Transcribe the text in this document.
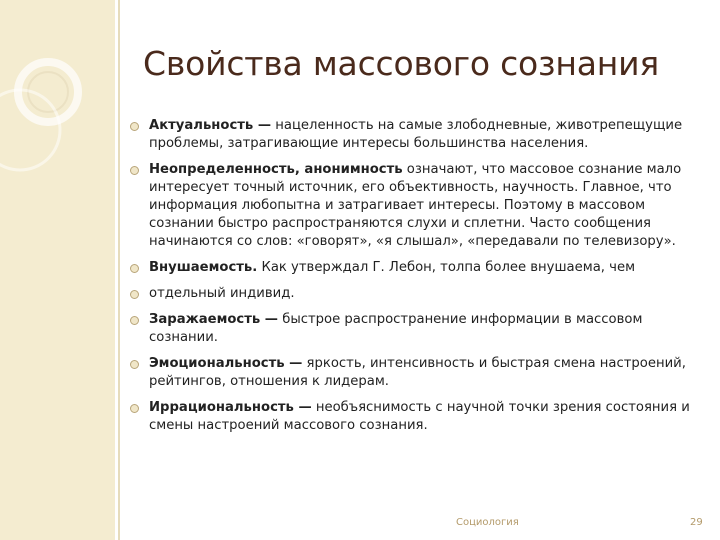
Свойства массового сознания
Актуальность — нацеленность на самые злободневные, животрепещущие проблемы, затрагивающие интересы большинства населения.
Неопределенность, анонимность означают, что массовое сознание мало интересует точный источник, его объективность, научность. Главное, что информация любопытна и затрагивает интересы. Поэтому в массовом сознании быстро распространяются слухи и сплетни. Часто сообщения начинаются со слов: «говорят», «я слышал», «передавали по телевизору».
Внушаемость. Как утверждал Г. Лебон, толпа более внушаема, чем
отдельный индивид.
Заражаемость — быстрое распространение информации в массовом сознании.
Эмоциональность — яркость, интенсивность и быстрая смена настроений, рейтингов, отношения к лидерам.
Иррациональность — необъяснимость с научной точки зрения состояния и смены настроений массового сознания.
Социология	29
